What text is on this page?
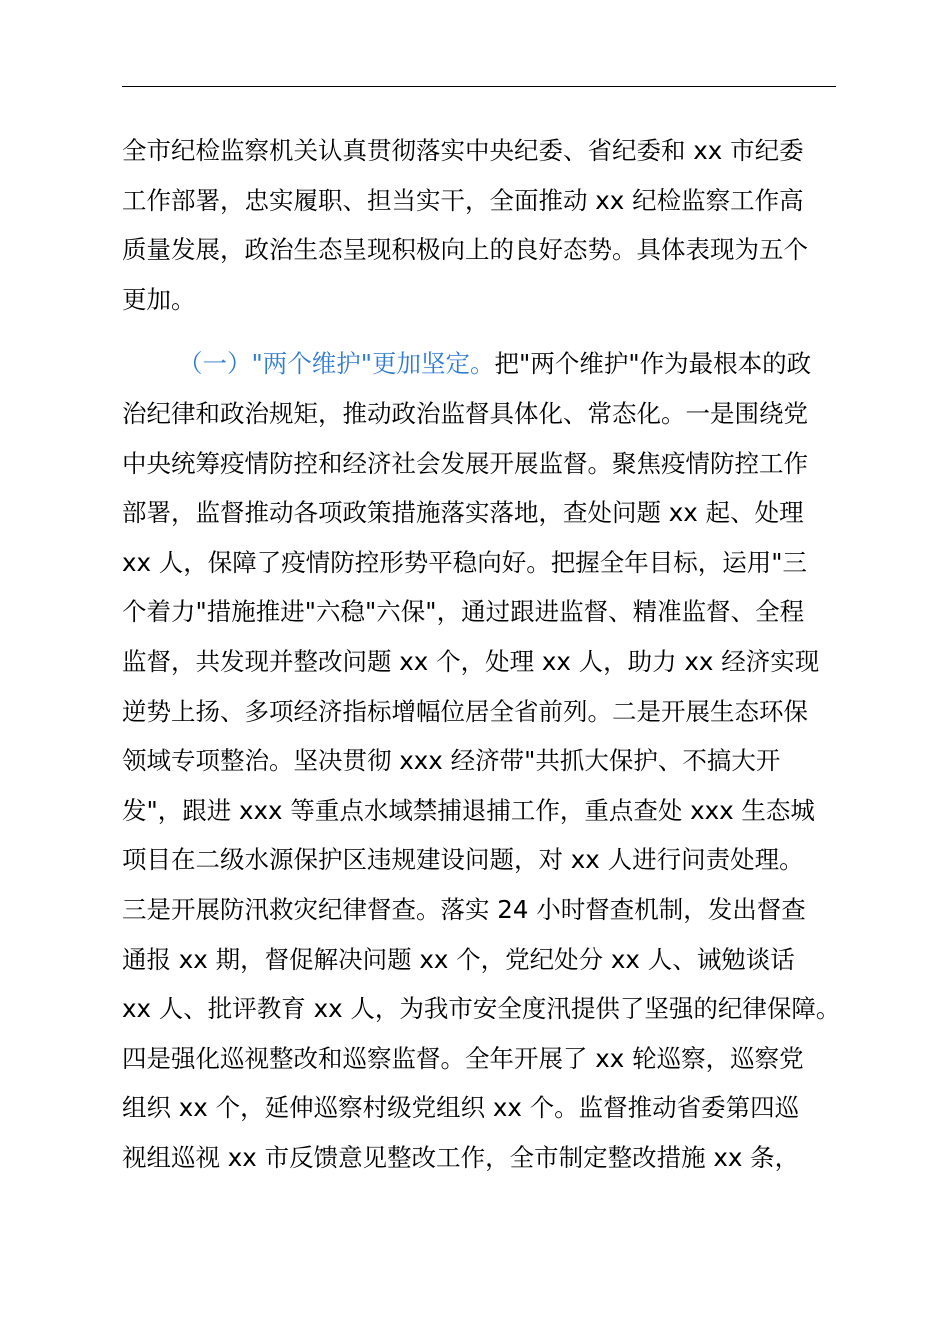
全市纪检监察机关认真贯彻落实中央纪委、省纪委和 xx 市纪委
工作部署，忠实履职、担当实干，全面推动 xx 纪检监察工作高
质量发展，政治生态呈现积极向上的良好态势。具体表现为五个
更加。
（一）"两个维护"更加坚定。把"两个维护"作为最根本的政
治纪律和政治规矩，推动政治监督具体化、常态化。一是围绕党
中央统筹疫情防控和经济社会发展开展监督。聚焦疫情防控工作
部署，监督推动各项政策措施落实落地，查处问题 xx 起、处理
xx 人，保障了疫情防控形势平稳向好。把握全年目标，运用"三
个着力"措施推进"六稳"六保"，通过跟进监督、精准监督、全程
监督，共发现并整改问题 xx 个，处理 xx 人，助力 xx 经济实现
逆势上扬、多项经济指标增幅位居全省前列。二是开展生态环保
领域专项整治。坚决贯彻 xxx 经济带"共抓大保护、不搞大开
发"，跟进 xxx 等重点水域禁捕退捕工作，重点查处 xxx 生态城
项目在二级水源保护区违规建设问题，对 xx 人进行问责处理。
三是开展防汛救灾纪律督查。落实 24 小时督查机制，发出督查
通报 xx 期，督促解决问题 xx 个，党纪处分 xx 人、诫勉谈话
xx 人、批评教育 xx 人，为我市安全度汛提供了坚强的纪律保障。
四是强化巡视整改和巡察监督。全年开展了 xx 轮巡察，巡察党
组织 xx 个，延伸巡察村级党组织 xx 个。监督推动省委第四巡
视组巡视 xx 市反馈意见整改工作，全市制定整改措施 xx 条，
